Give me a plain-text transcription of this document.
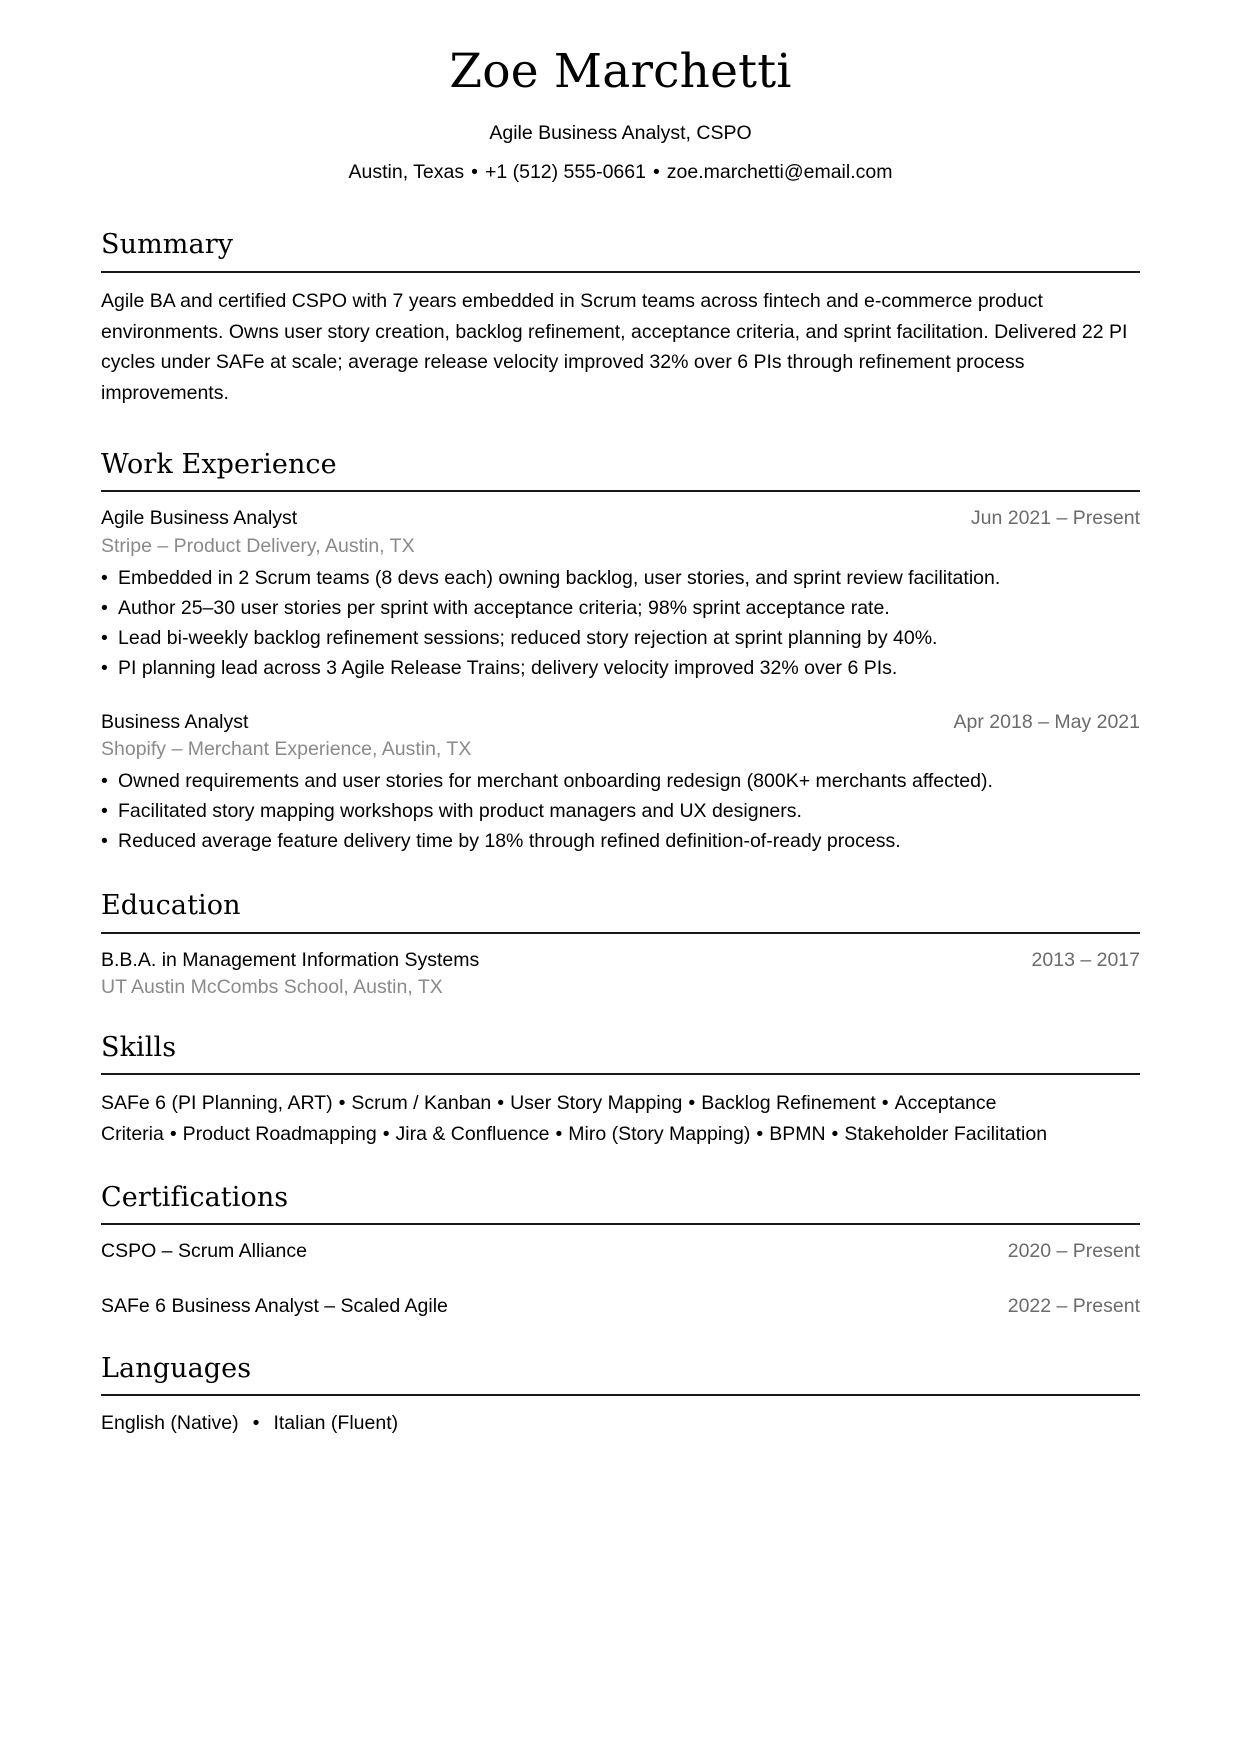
Zoe Marchetti
Agile Business Analyst, CSPO
Austin, Texas • +1 (512) 555-0661 • zoe.marchetti@email.com
Summary

Agile BA and certified CSPO with 7 years embedded in Scrum teams across fintech and e-commerce product environments. Owns user story creation, backlog refinement, acceptance criteria, and sprint facilitation. Delivered 22 PI cycles under SAFe at scale; average release velocity improved 32% over 6 PIs through refinement process improvements.

Work Experience
Agile Business Analyst	Jun 2021 – Present
Stripe – Product Delivery, Austin, TX
• Embedded in 2 Scrum teams (8 devs each) owning backlog, user stories, and sprint review facilitation.
• Author 25–30 user stories per sprint with acceptance criteria; 98% sprint acceptance rate.
• Lead bi-weekly backlog refinement sessions; reduced story rejection at sprint planning by 40%.
• PI planning lead across 3 Agile Release Trains; delivery velocity improved 32% over 6 PIs.
Business Analyst	Apr 2018 – May 2021
Shopify – Merchant Experience, Austin, TX
• Owned requirements and user stories for merchant onboarding redesign (800K+ merchants affected).
• Facilitated story mapping workshops with product managers and UX designers.
• Reduced average feature delivery time by 18% through refined definition-of-ready process.
Education
B.B.A. in Management Information Systems	2013 – 2017
UT Austin McCombs School, Austin, TX
Skills
SAFe 6 (PI Planning, ART) • Scrum / Kanban • User Story Mapping • Backlog Refinement • Acceptance Criteria • Product Roadmapping • Jira & Confluence • Miro (Story Mapping) • BPMN • Stakeholder Facilitation
Certifications
CSPO – Scrum Alliance	2020 – Present
SAFe 6 Business Analyst – Scaled Agile	2022 – Present
Languages
English (Native) • Italian (Fluent)
